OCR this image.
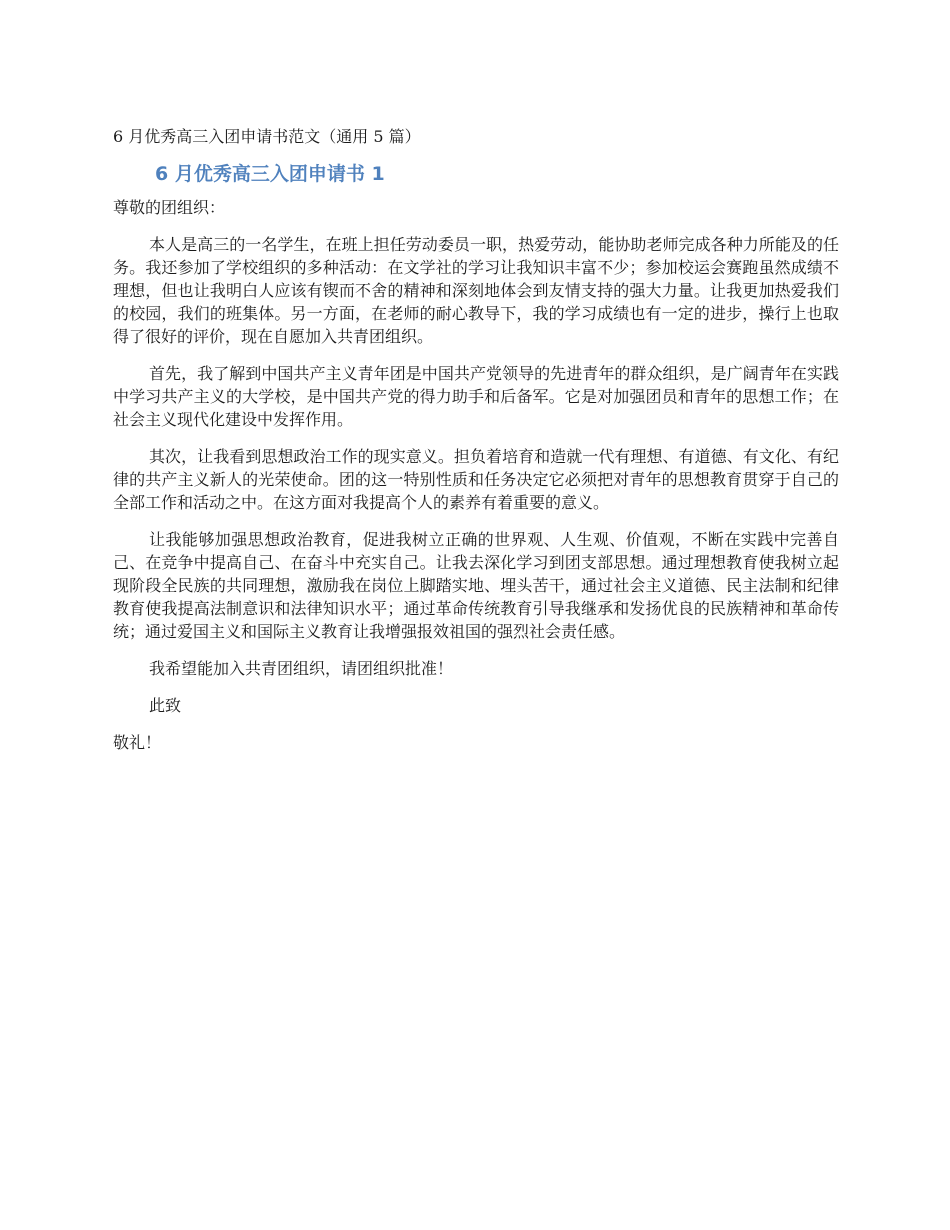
6 月优秀高三入团申请书范文（通用 5 篇）
6 月优秀高三入团申请书 1
尊敬的团组织：

本人是高三的一名学生，在班上担任劳动委员一职，热爱劳动，能协助老师完成各种力所能及的任务。我还参加了学校组织的多种活动：在文学社的学习让我知识丰富不少；参加校运会赛跑虽然成绩不理想，但也让我明白人应该有锲而不舍的精神和深刻地体会到友情支持的强大力量。让我更加热爱我们的校园，我们的班集体。另一方面，在老师的耐心教导下，我的学习成绩也有一定的进步，操行上也取得了很好的评价，现在自愿加入共青团组织。

首先，我了解到中国共产主义青年团是中国共产党领导的先进青年的群众组织，是广阔青年在实践中学习共产主义的大学校，是中国共产党的得力助手和后备军。它是对加强团员和青年的思想工作；在社会主义现代化建设中发挥作用。

其次，让我看到思想政治工作的现实意义。担负着培育和造就一代有理想、有道德、有文化、有纪律的共产主义新人的光荣使命。团的这一特别性质和任务决定它必须把对青年的思想教育贯穿于自己的全部工作和活动之中。在这方面对我提高个人的素养有着重要的意义。

让我能够加强思想政治教育，促进我树立正确的世界观、人生观、价值观，不断在实践中完善自己、在竞争中提高自己、在奋斗中充实自己。让我去深化学习到团支部思想。通过理想教育使我树立起现阶段全民族的共同理想，激励我在岗位上脚踏实地、埋头苦干，通过社会主义道德、民主法制和纪律教育使我提高法制意识和法律知识水平；通过革命传统教育引导我继承和发扬优良的民族精神和革命传统；通过爱国主义和国际主义教育让我增强报效祖国的强烈社会责任感。

我希望能加入共青团组织，请团组织批准！

此致
敬礼！
